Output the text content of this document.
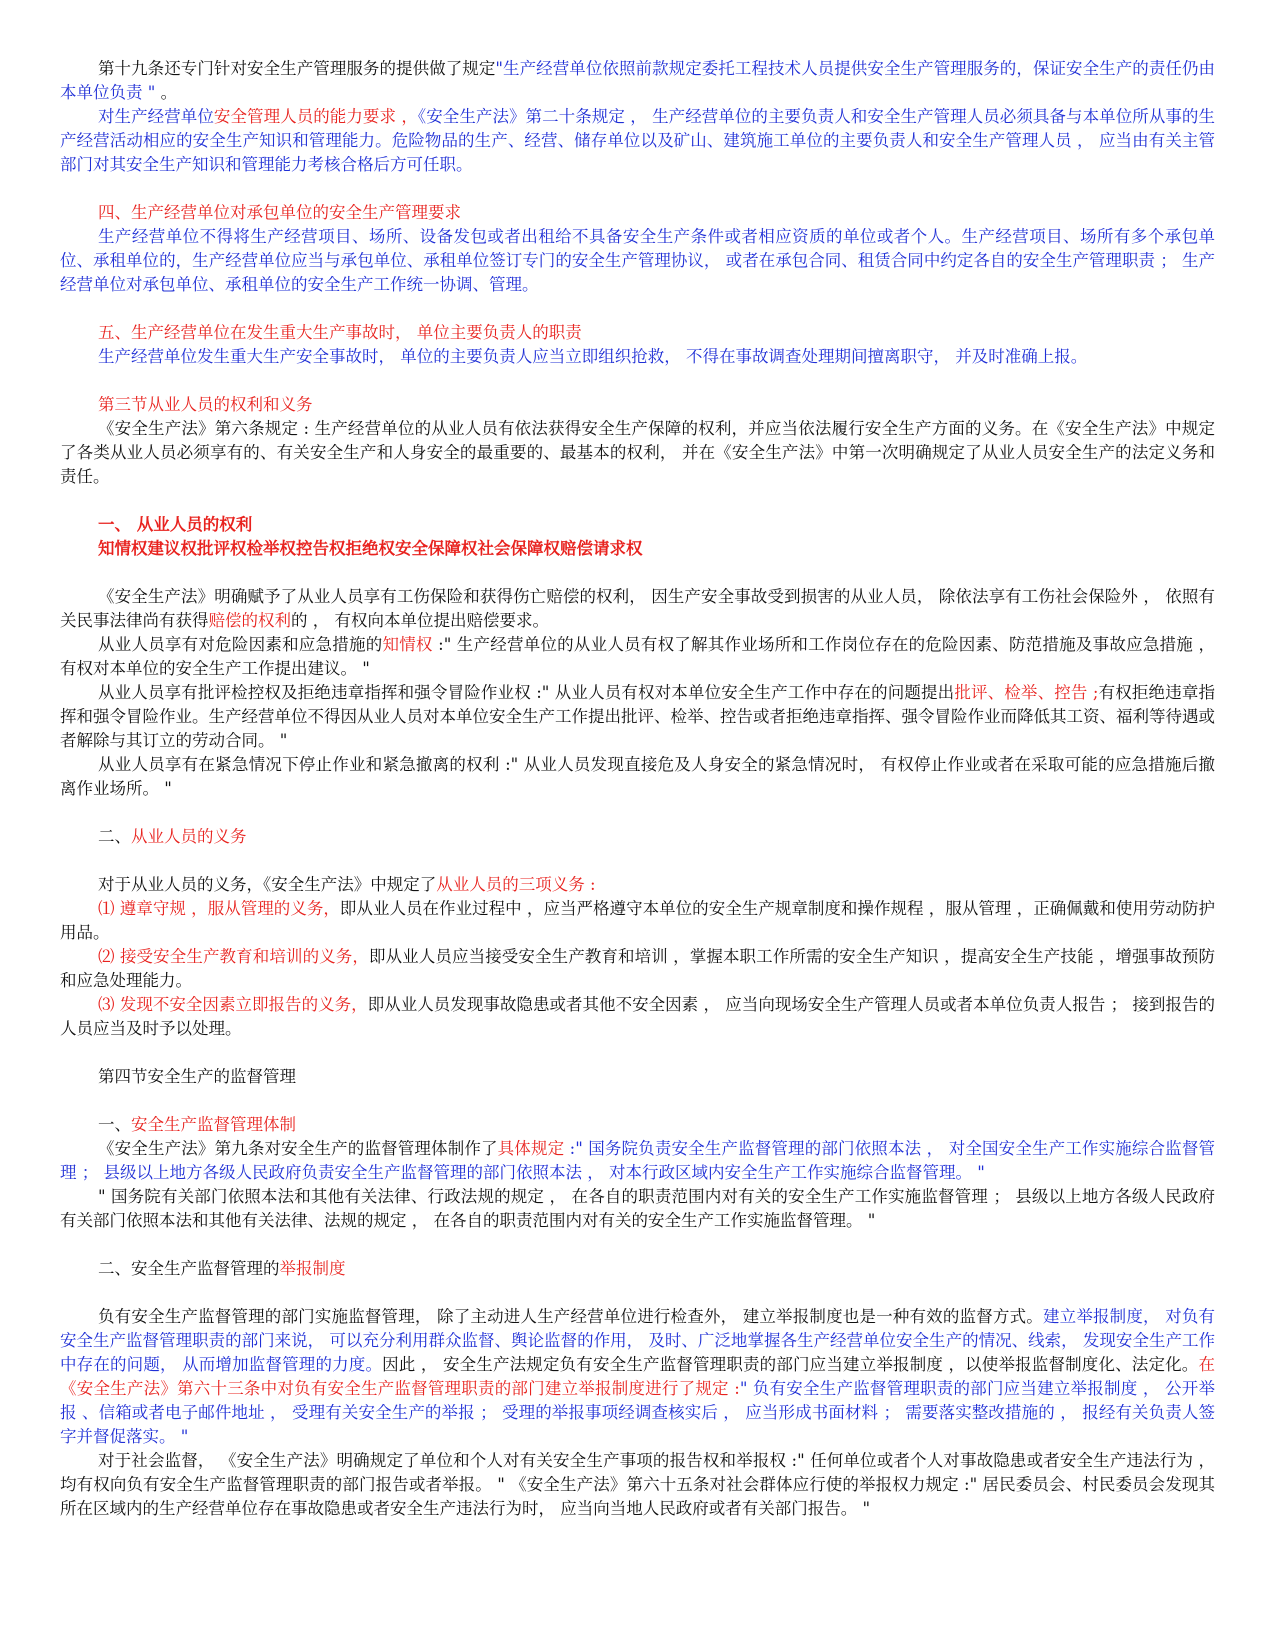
第十九条还专门针对安全生产管理服务的提供做了规定"生产经营单位依照前款规定委托工程技术人员提供安全生产管理服务的，保证安全生产的责任仍由本单位负责 " 。

对生产经营单位安全管理人员的能力要求 ，《安全生产法》第二十条规定 ， 生产经营单位的主要负责人和安全生产管理人员必须具备与本单位所从事的生产经营活动相应的安全生产知识和管理能力。危险物品的生产、经营、储存单位以及矿山、建筑施工单位的主要负责人和安全生产管理人员 ， 应当由有关主管部门对其安全生产知识和管理能力考核合格后方可任职。

四、生产经营单位对承包单位的安全生产管理要求

生产经营单位不得将生产经营项目、场所、设备发包或者出租给不具备安全生产条件或者相应资质的单位或者个人。生产经营项目、场所有多个承包单位、承租单位的，生产经营单位应当与承包单位、承租单位签订专门的安全生产管理协议， 或者在承包合同、租赁合同中约定各自的安全生产管理职责 ； 生产经营单位对承包单位、承租单位的安全生产工作统一协调、管理。

五、生产经营单位在发生重大生产事故时， 单位主要负责人的职责

生产经营单位发生重大生产安全事故时， 单位的主要负责人应当立即组织抢救， 不得在事故调查处理期间擅离职守， 并及时准确上报。

第三节从业人员的权利和义务

《安全生产法》第六条规定 : 生产经营单位的从业人员有依法获得安全生产保障的权利，并应当依法履行安全生产方面的义务。在《安全生产法》中规定了各类从业人员必须享有的、有关安全生产和人身安全的最重要的、最基本的权利， 并在《安全生产法》中第一次明确规定了从业人员安全生产的法定义务和责任。

一、 从业人员的权利

知情权建议权批评权检举权控告权拒绝权安全保障权社会保障权赔偿请求权

《安全生产法》明确赋予了从业人员享有工伤保险和获得伤亡赔偿的权利， 因生产安全事故受到损害的从业人员， 除依法享有工伤社会保险外 ， 依照有关民事法律尚有获得赔偿的权利的 ， 有权向本单位提出赔偿要求。

从业人员享有对危险因素和应急措施的知情权 :" 生产经营单位的从业人员有权了解其作业场所和工作岗位存在的危险因素、防范措施及事故应急措施 ， 有权对本单位的安全生产工作提出建议。 "

从业人员享有批评检控权及拒绝违章指挥和强令冒险作业权 :" 从业人员有权对本单位安全生产工作中存在的问题提出批评、检举、控告 ;有权拒绝违章指挥和强令冒险作业。生产经营单位不得因从业人员对本单位安全生产工作提出批评、检举、控告或者拒绝违章指挥、强令冒险作业而降低其工资、福利等待遇或者解除与其订立的劳动合同。 "

从业人员享有在紧急情况下停止作业和紧急撤离的权利 :" 从业人员发现直接危及人身安全的紧急情况时， 有权停止作业或者在采取可能的应急措施后撤离作业场所。 "

二、从业人员的义务

对于从业人员的义务，《安全生产法》中规定了从业人员的三项义务 :

⑴ 遵章守规 ，服从管理的义务，即从业人员在作业过程中 ，应当严格遵守本单位的安全生产规章制度和操作规程 ，服从管理 ，正确佩戴和使用劳动防护用品。

⑵ 接受安全生产教育和培训的义务，即从业人员应当接受安全生产教育和培训 ，掌握本职工作所需的安全生产知识 ，提高安全生产技能 ，增强事故预防和应急处理能力。

⑶ 发现不安全因素立即报告的义务，即从业人员发现事故隐患或者其他不安全因素 ， 应当向现场安全生产管理人员或者本单位负责人报告 ； 接到报告的人员应当及时予以处理。

第四节安全生产的监督管理

一、安全生产监督管理体制

《安全生产法》第九条对安全生产的监督管理体制作了具体规定 :" 国务院负责安全生产监督管理的部门依照本法 ， 对全国安全生产工作实施综合监督管理 ； 县级以上地方各级人民政府负责安全生产监督管理的部门依照本法 ， 对本行政区域内安全生产工作实施综合监督管理。 "

" 国务院有关部门依照本法和其他有关法律、行政法规的规定 ， 在各自的职责范围内对有关的安全生产工作实施监督管理 ； 县级以上地方各级人民政府有关部门依照本法和其他有关法律、法规的规定 ， 在各自的职责范围内对有关的安全生产工作实施监督管理。 "

二、安全生产监督管理的举报制度

负有安全生产监督管理的部门实施监督管理， 除了主动进人生产经营单位进行检查外， 建立举报制度也是一种有效的监督方式。建立举报制度， 对负有安全生产监督管理职责的部门来说， 可以充分利用群众监督、舆论监督的作用， 及时、广泛地掌握各生产经营单位安全生产的情况、线索， 发现安全生产工作中存在的问题， 从而增加监督管理的力度。因此 ， 安全生产法规定负有安全生产监督管理职责的部门应当建立举报制度 ，以使举报监督制度化、法定化。在《安全生产法》第六十三条中对负有安全生产监督管理职责的部门建立举报制度进行了规定 :" 负有安全生产监督管理职责的部门应当建立举报制度 ， 公开举报 、信箱或者电子邮件地址 ， 受理有关安全生产的举报 ； 受理的举报事项经调查核实后 ， 应当形成书面材料 ； 需要落实整改措施的 ， 报经有关负责人签字并督促落实。 "

对于社会监督， 《安全生产法》明确规定了单位和个人对有关安全生产事项的报告权和举报权 :" 任何单位或者个人对事故隐患或者安全生产违法行为 ， 均有权向负有安全生产监督管理职责的部门报告或者举报。 " 《安全生产法》第六十五条对社会群体应行使的举报权力规定 :" 居民委员会、村民委员会发现其所在区域内的生产经营单位存在事故隐患或者安全生产违法行为时， 应当向当地人民政府或者有关部门报告。 "
